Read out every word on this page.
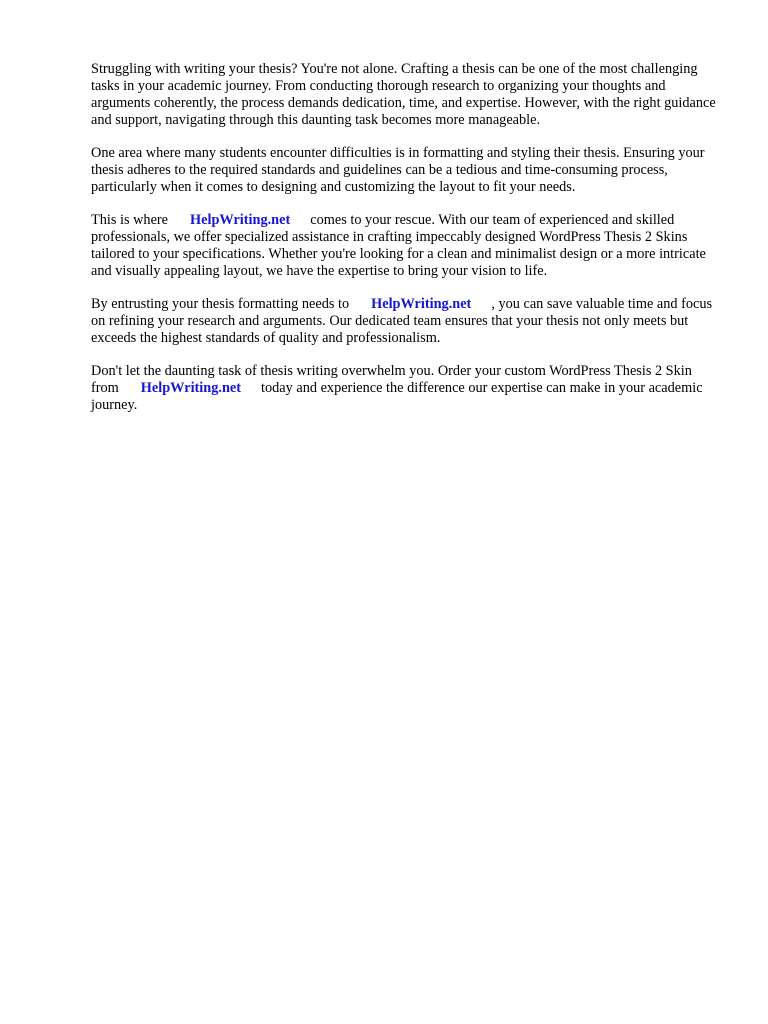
Struggling with writing your thesis? You're not alone. Crafting a thesis can be one of the most challenging tasks in your academic journey. From conducting thorough research to organizing your thoughts and arguments coherently, the process demands dedication, time, and expertise. However, with the right guidance and support, navigating through this daunting task becomes more manageable.

One area where many students encounter difficulties is in formatting and styling their thesis. Ensuring your thesis adheres to the required standards and guidelines can be a tedious and time-consuming process, particularly when it comes to designing and customizing the layout to fit your needs.

This is where HelpWriting.net comes to your rescue. With our team of experienced and skilled professionals, we offer specialized assistance in crafting impeccably designed WordPress Thesis 2 Skins tailored to your specifications. Whether you're looking for a clean and minimalist design or a more intricate and visually appealing layout, we have the expertise to bring your vision to life.

By entrusting your thesis formatting needs to HelpWriting.net , you can save valuable time and focus on refining your research and arguments. Our dedicated team ensures that your thesis not only meets but exceeds the highest standards of quality and professionalism.

Don't let the daunting task of thesis writing overwhelm you. Order your custom WordPress Thesis 2 Skin from HelpWriting.net today and experience the difference our expertise can make in your academic journey.
